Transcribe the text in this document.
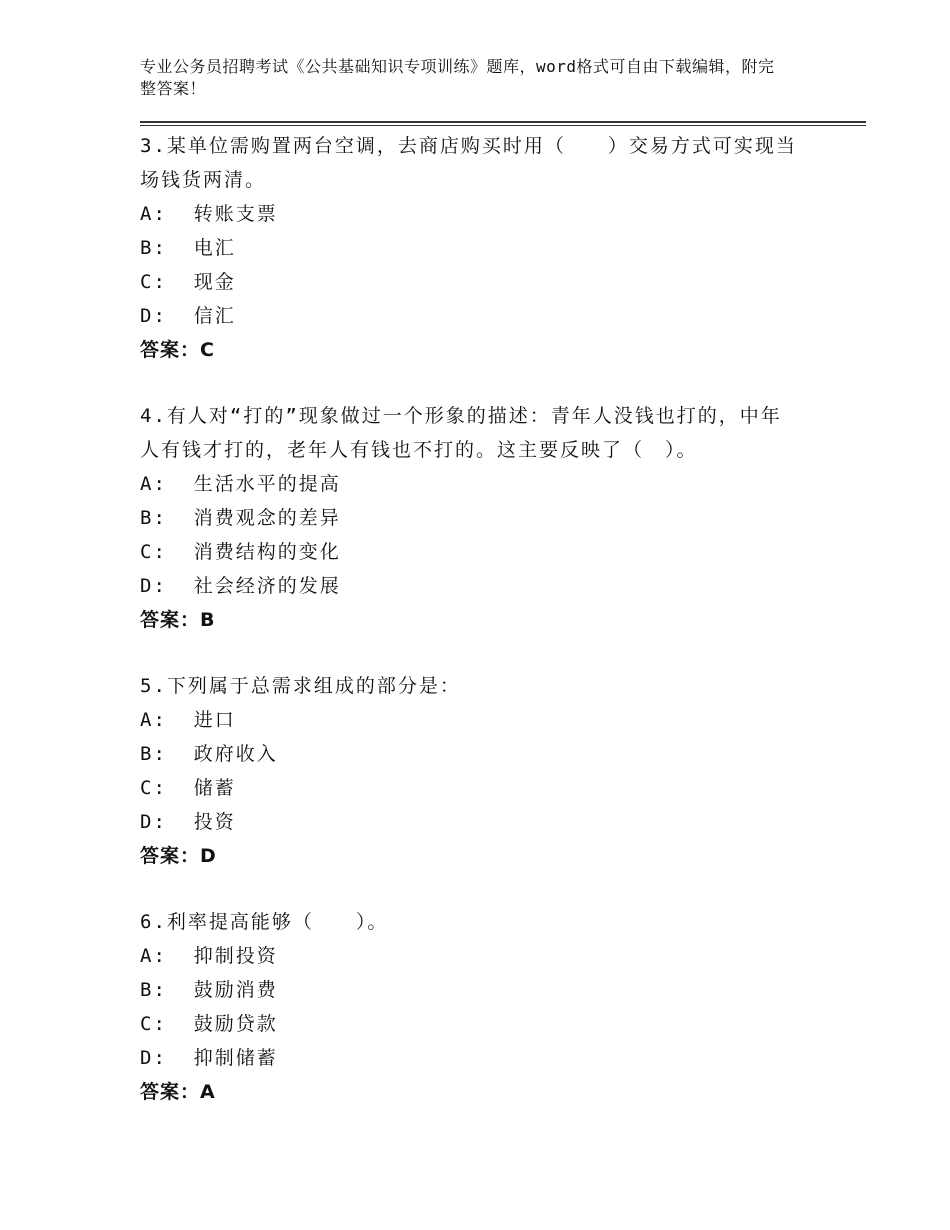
专业公务员招聘考试《公共基础知识专项训练》题库，word格式可自由下载编辑，附完整答案！
3.某单位需购置两台空调，去商店购买时用（　　）交易方式可实现当场钱货两清。
A:  转账支票
B:  电汇
C:  现金
D:  信汇
答案：C
4.有人对“打的”现象做过一个形象的描述：青年人没钱也打的，中年人有钱才打的，老年人有钱也不打的。这主要反映了（　）。
A:  生活水平的提高
B:  消费观念的差异
C:  消费结构的变化
D:  社会经济的发展
答案：B
5.下列属于总需求组成的部分是：
A:  进口
B:  政府收入
C:  储蓄
D:  投资
答案：D
6.利率提高能够（　　）。
A:  抑制投资
B:  鼓励消费
C:  鼓励贷款
D:  抑制储蓄
答案：A
